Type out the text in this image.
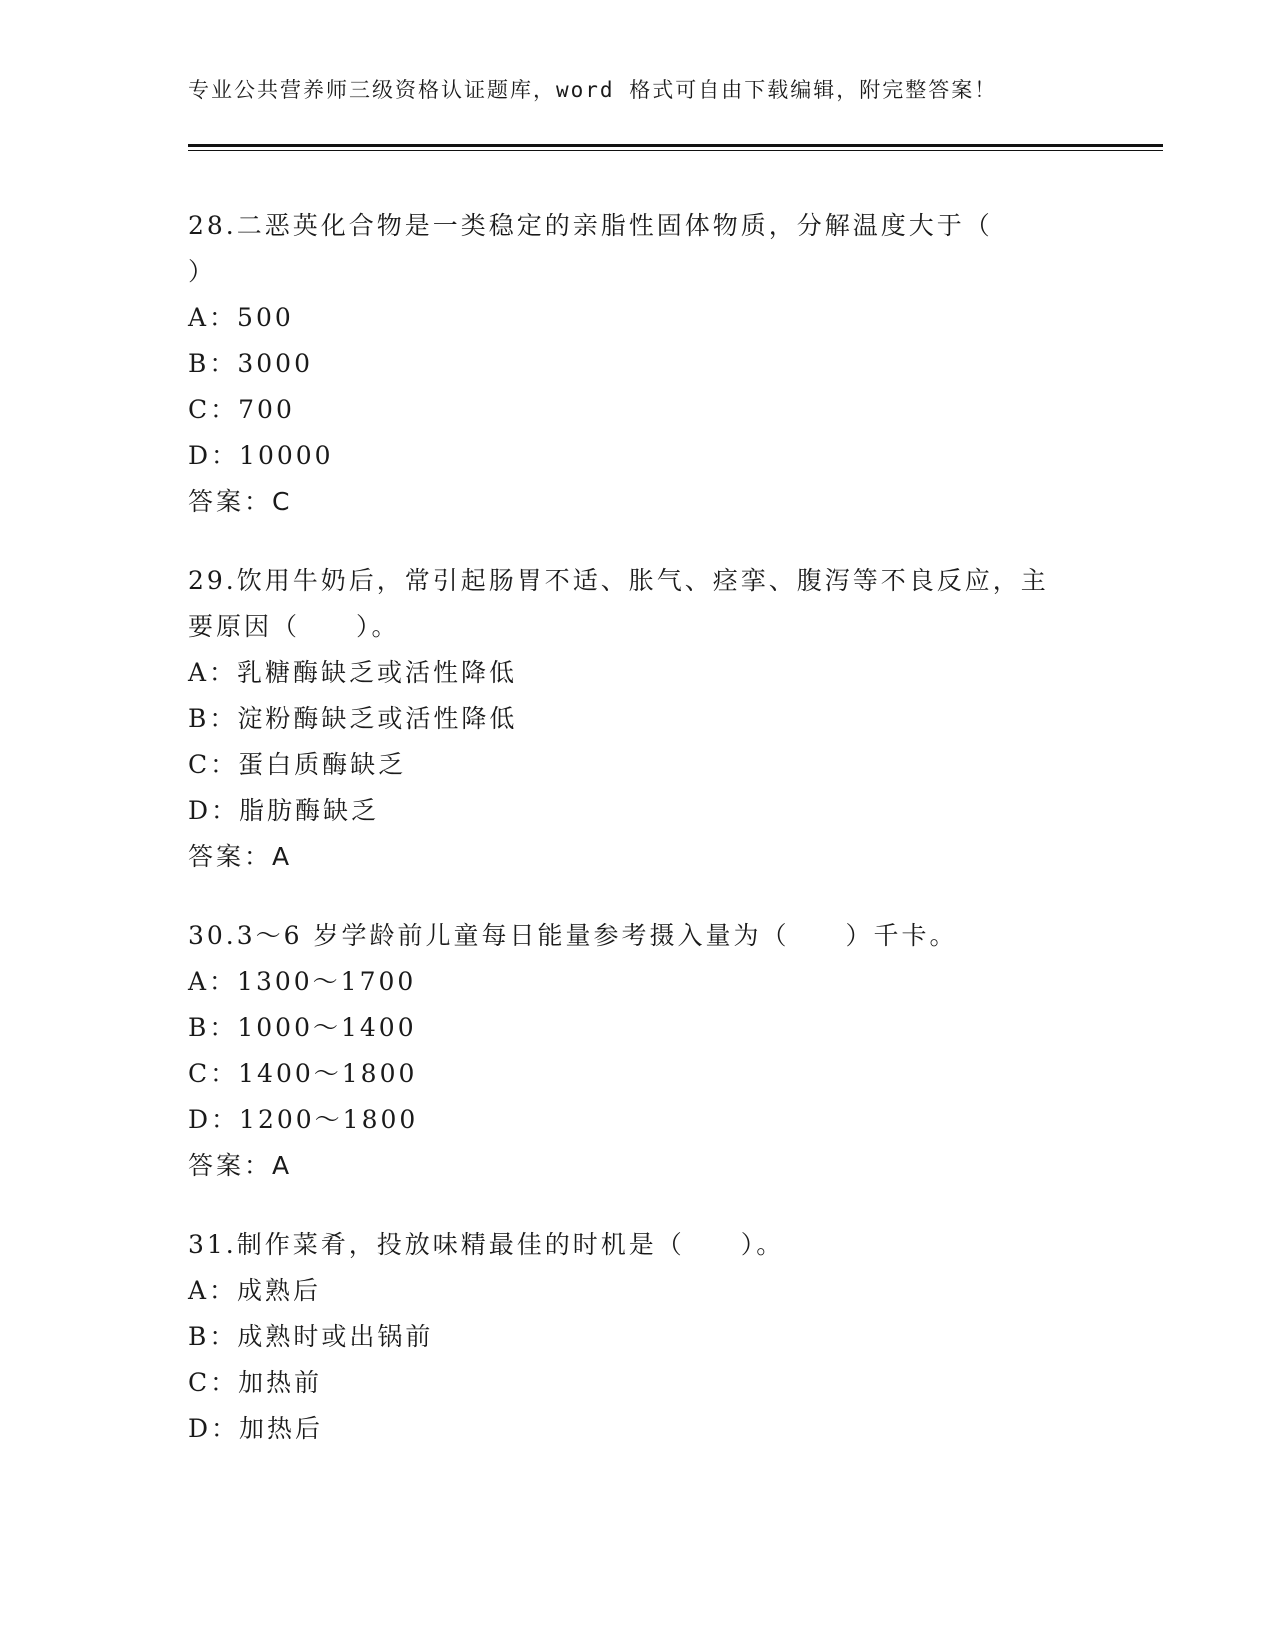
专业公共营养师三级资格认证题库，word 格式可自由下载编辑，附完整答案！
28.二恶英化合物是一类稳定的亲脂性固体物质，分解温度大于（
）
A：500
B：3000
C：700
D：10000
答案：C
29.饮用牛奶后，常引起肠胃不适、胀气、痉挛、腹泻等不良反应，主
要原因（　　）。
A：乳糖酶缺乏或活性降低
B：淀粉酶缺乏或活性降低
C：蛋白质酶缺乏
D：脂肪酶缺乏
答案：A
30.3～6 岁学龄前儿童每日能量参考摄入量为（　　）千卡。
A：1300～1700
B：1000～1400
C：1400～1800
D：1200～1800
答案：A
31.制作菜肴，投放味精最佳的时机是（　　）。
A：成熟后
B：成熟时或出锅前
C：加热前
D：加热后
